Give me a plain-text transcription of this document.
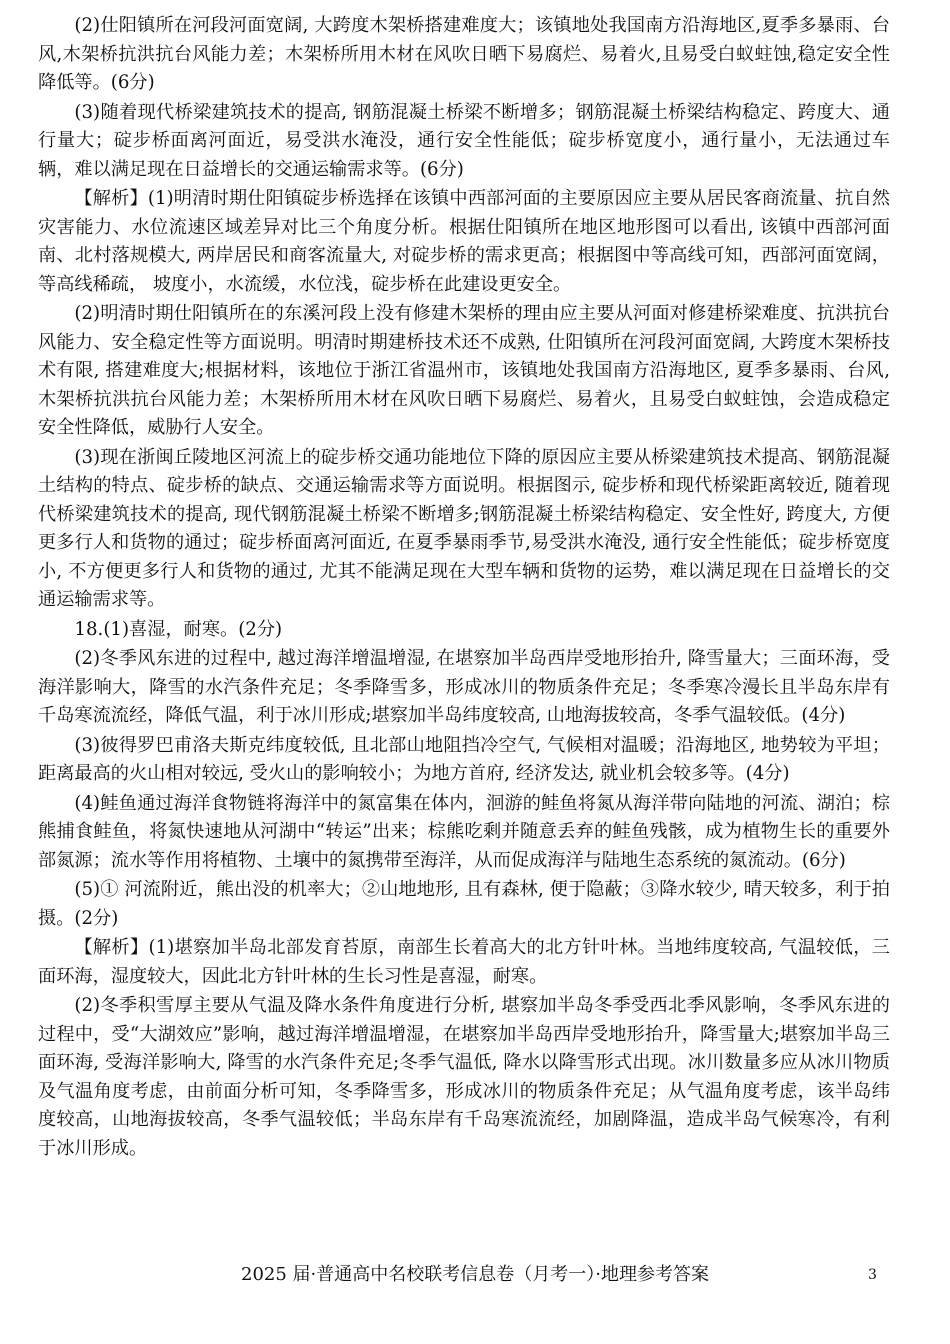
(2)仕阳镇所在河段河面宽阔, 大跨度木架桥搭建难度大；该镇地处我国南方沿海地区,夏季多暴雨、台风,木架桥抗洪抗台风能力差；木架桥所用木材在风吹日晒下易腐烂、易着火,且易受白蚁蛀蚀,稳定安全性降低等。(6分)

(3)随着现代桥梁建筑技术的提高, 钢筋混凝土桥梁不断增多；钢筋混凝土桥梁结构稳定、跨度大、通行量大；碇步桥面离河面近，易受洪水淹没，通行安全性能低；碇步桥宽度小，通行量小，无法通过车辆，难以满足现在日益增长的交通运输需求等。(6分)

【解析】(1)明清时期仕阳镇碇步桥选择在该镇中西部河面的主要原因应主要从居民客商流量、抗自然灾害能力、水位流速区域差异对比三个角度分析。根据仕阳镇所在地区地形图可以看出, 该镇中西部河面南、北村落规模大, 两岸居民和商客流量大, 对碇步桥的需求更高；根据图中等高线可知，西部河面宽阔，等高线稀疏， 坡度小，水流缓，水位浅，碇步桥在此建设更安全。

(2)明清时期仕阳镇所在的东溪河段上没有修建木架桥的理由应主要从河面对修建桥梁难度、抗洪抗台风能力、安全稳定性等方面说明。明清时期建桥技术还不成熟, 仕阳镇所在河段河面宽阔, 大跨度木架桥技术有限, 搭建难度大;根据材料，该地位于浙江省温州市，该镇地处我国南方沿海地区, 夏季多暴雨、台风, 木架桥抗洪抗台风能力差；木架桥所用木材在风吹日晒下易腐烂、易着火，且易受白蚁蛀蚀，会造成稳定安全性降低，威胁行人安全。

(3)现在浙闽丘陵地区河流上的碇步桥交通功能地位下降的原因应主要从桥梁建筑技术提高、钢筋混凝土结构的特点、碇步桥的缺点、交通运输需求等方面说明。根据图示, 碇步桥和现代桥梁距离较近, 随着现代桥梁建筑技术的提高, 现代钢筋混凝土桥梁不断增多;钢筋混凝土桥梁结构稳定、安全性好, 跨度大, 方便更多行人和货物的通过；碇步桥面离河面近, 在夏季暴雨季节,易受洪水淹没, 通行安全性能低；碇步桥宽度小, 不方便更多行人和货物的通过, 尤其不能满足现在大型车辆和货物的运势，难以满足现在日益增长的交通运输需求等。

18.(1)喜湿，耐寒。(2分)

(2)冬季风东进的过程中, 越过海洋增温增湿, 在堪察加半岛西岸受地形抬升, 降雪量大；三面环海，受海洋影响大，降雪的水汽条件充足；冬季降雪多，形成冰川的物质条件充足；冬季寒冷漫长且半岛东岸有千岛寒流流经，降低气温，利于冰川形成;堪察加半岛纬度较高, 山地海拔较高，冬季气温较低。(4分)

(3)彼得罗巴甫洛夫斯克纬度较低, 且北部山地阻挡冷空气, 气候相对温暖；沿海地区, 地势较为平坦；距离最高的火山相对较远, 受火山的影响较小；为地方首府, 经济发达, 就业机会较多等。(4分)

(4)鲑鱼通过海洋食物链将海洋中的氮富集在体内，洄游的鲑鱼将氮从海洋带向陆地的河流、湖泊；棕熊捕食鲑鱼，将氮快速地从河湖中“转运”出来；棕熊吃剩并随意丢弃的鲑鱼残骸，成为植物生长的重要外部氮源；流水等作用将植物、土壤中的氮携带至海洋，从而促成海洋与陆地生态系统的氮流动。(6分)

(5)① 河流附近，熊出没的机率大；②山地地形, 且有森林, 便于隐蔽；③降水较少, 晴天较多，利于拍摄。(2分)

【解析】(1)堪察加半岛北部发育苔原，南部生长着高大的北方针叶林。当地纬度较高, 气温较低，三面环海，湿度较大，因此北方针叶林的生长习性是喜湿，耐寒。

(2)冬季积雪厚主要从气温及降水条件角度进行分析, 堪察加半岛冬季受西北季风影响，冬季风东进的过程中，受“大湖效应”影响，越过海洋增温增湿，在堪察加半岛西岸受地形抬升，降雪量大;堪察加半岛三面环海, 受海洋影响大, 降雪的水汽条件充足;冬季气温低, 降水以降雪形式出现。冰川数量多应从冰川物质及气温角度考虑，由前面分析可知，冬季降雪多，形成冰川的物质条件充足；从气温角度考虑，该半岛纬度较高，山地海拔较高，冬季气温较低；半岛东岸有千岛寒流流经，加剧降温，造成半岛气候寒冷，有利于冰川形成。

2025 届·普通高中名校联考信息卷（月考一）·地理参考答案	3
